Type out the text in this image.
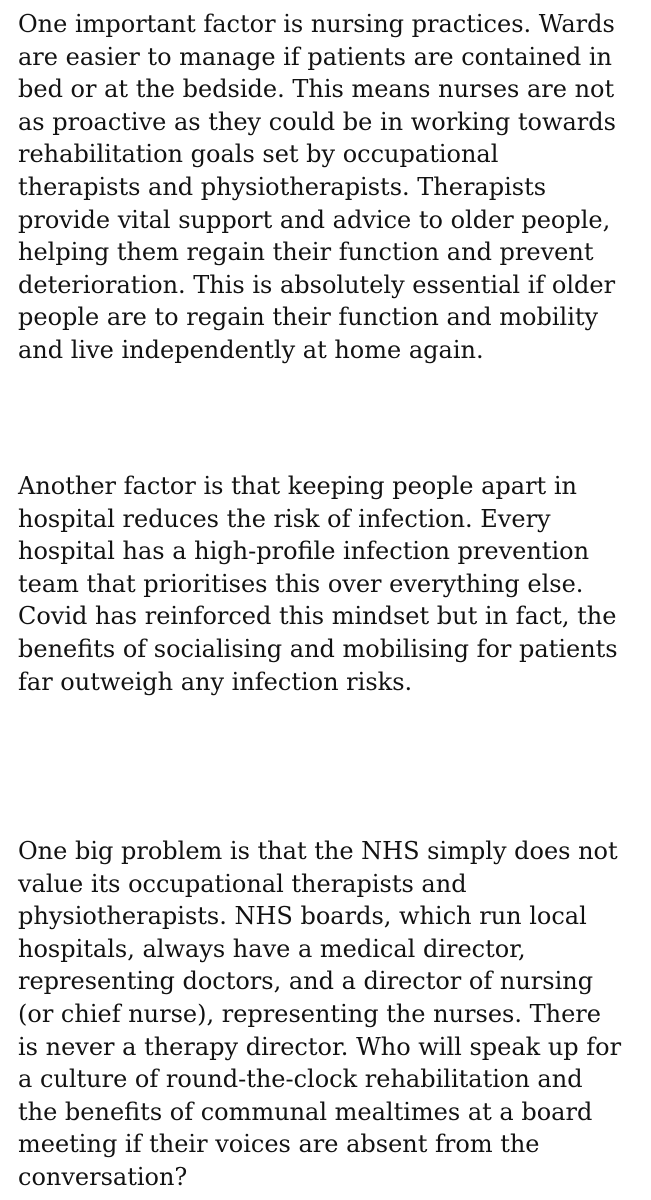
One important factor is nursing practices. Wards
are easier to manage if patients are contained in
bed or at the bedside. This means nurses are not
as proactive as they could be in working towards
rehabilitation goals set by occupational
therapists and physiotherapists. Therapists
provide vital support and advice to older people,
helping them regain their function and prevent
deterioration. This is absolutely essential if older
people are to regain their function and mobility
and live independently at home again.

Another factor is that keeping people apart in
hospital reduces the risk of infection. Every
hospital has a high-profile infection prevention
team that prioritises this over everything else.
Covid has reinforced this mindset but in fact, the
benefits of socialising and mobilising for patients
far outweigh any infection risks.

One big problem is that the NHS simply does not
value its occupational therapists and
physiotherapists. NHS boards, which run local
hospitals, always have a medical director,
representing doctors, and a director of nursing
(or chief nurse), representing the nurses. There
is never a therapy director. Who will speak up for
a culture of round-the-clock rehabilitation and
the benefits of communal mealtimes at a board
meeting if their voices are absent from the
conversation?
